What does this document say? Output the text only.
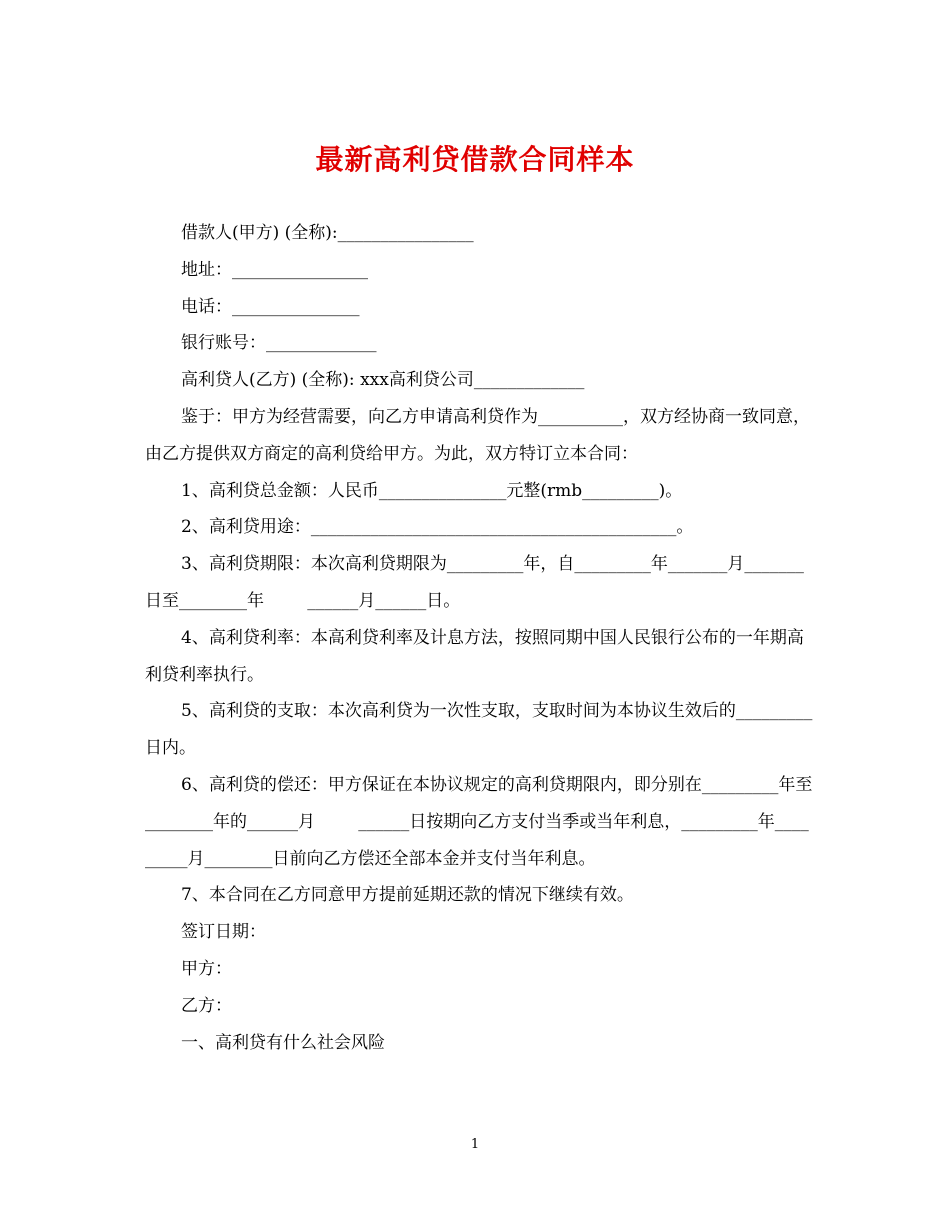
最新高利贷借款合同样本

借款人(甲方) (全称):________________

地址：________________

电话：_______________

银行账号：_____________

高利贷人(乙方) (全称): xxx高利贷公司_____________

鉴于：甲方为经营需要，向乙方申请高利贷作为__________，双方经协商一致同意，由乙方提供双方商定的高利贷给甲方。为此，双方特订立本合同：

1、高利贷总金额：人民币_______________元整(rmb_________)。

2、高利贷用途：___________________________________________。

3、高利贷期限：本次高利贷期限为_________年，自_________年_______月_______日至________年        ______月______日。

4、高利贷利率：本高利贷利率及计息方法，按照同期中国人民银行公布的一年期高利贷利率执行。

5、高利贷的支取：本次高利贷为一次性支取，支取时间为本协议生效后的_________日内。

6、高利贷的偿还：甲方保证在本协议规定的高利贷期限内，即分别在_________年至________年的______月        ______日按期向乙方支付当季或当年利息，_________年_________月________日前向乙方偿还全部本金并支付当年利息。

7、本合同在乙方同意甲方提前延期还款的情况下继续有效。

签订日期：

甲方：

乙方：

一、高利贷有什么社会风险

1
